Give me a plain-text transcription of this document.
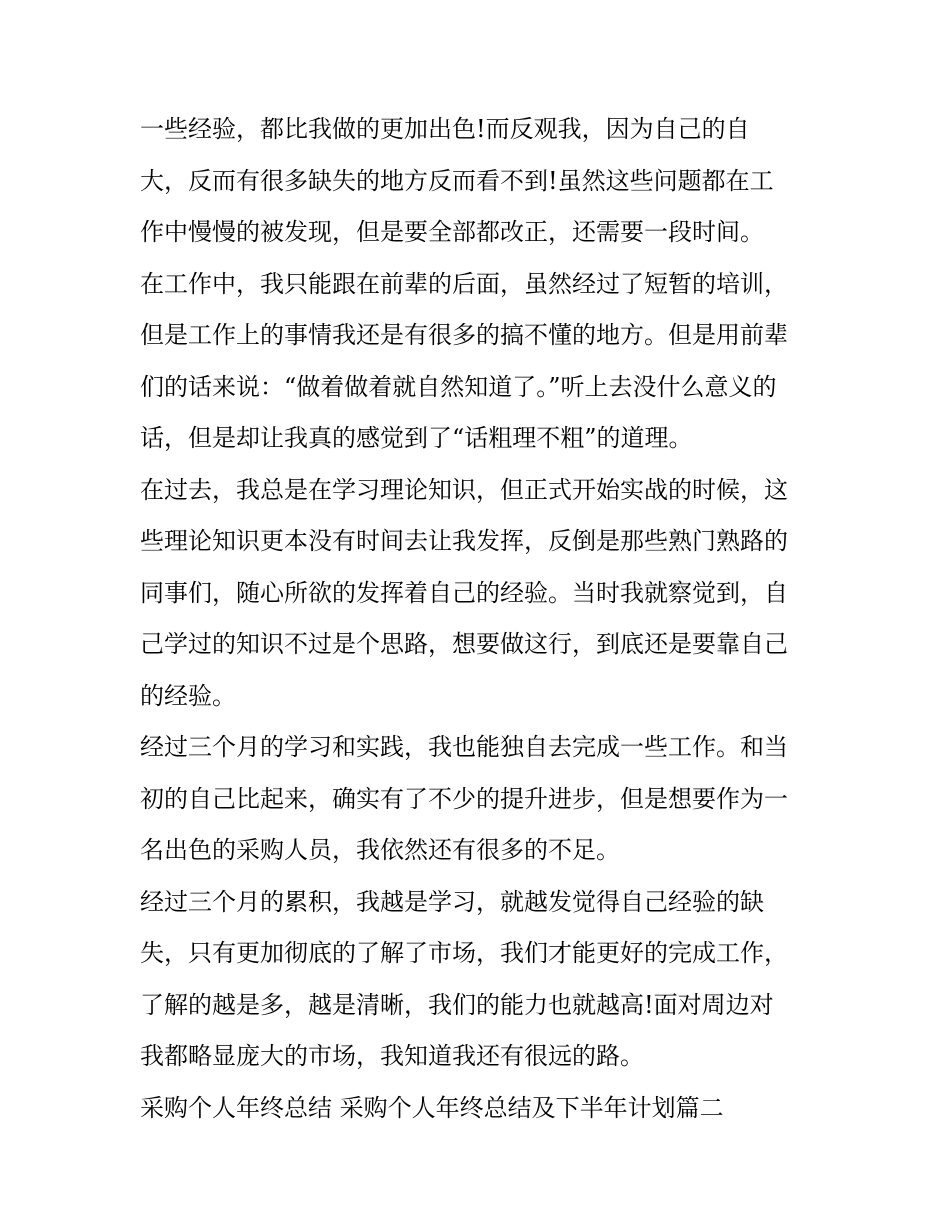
一些经验，都比我做的更加出色!而反观我，因为自己的自
大，反而有很多缺失的地方反而看不到!虽然这些问题都在工
作中慢慢的被发现，但是要全部都改正，还需要一段时间。
在工作中，我只能跟在前辈的后面，虽然经过了短暂的培训，
但是工作上的事情我还是有很多的搞不懂的地方。但是用前辈
们的话来说：“做着做着就自然知道了。”听上去没什么意义的
话，但是却让我真的感觉到了“话粗理不粗”的道理。
在过去，我总是在学习理论知识，但正式开始实战的时候，这
些理论知识更本没有时间去让我发挥，反倒是那些熟门熟路的
同事们，随心所欲的发挥着自己的经验。当时我就察觉到，自
己学过的知识不过是个思路，想要做这行，到底还是要靠自己
的经验。
经过三个月的学习和实践，我也能独自去完成一些工作。和当
初的自己比起来，确实有了不少的提升进步，但是想要作为一
名出色的采购人员，我依然还有很多的不足。
经过三个月的累积，我越是学习，就越发觉得自己经验的缺
失，只有更加彻底的了解了市场，我们才能更好的完成工作，
了解的越是多，越是清晰，我们的能力也就越高!面对周边对
我都略显庞大的市场，我知道我还有很远的路。
采购个人年终总结 采购个人年终总结及下半年计划篇二
